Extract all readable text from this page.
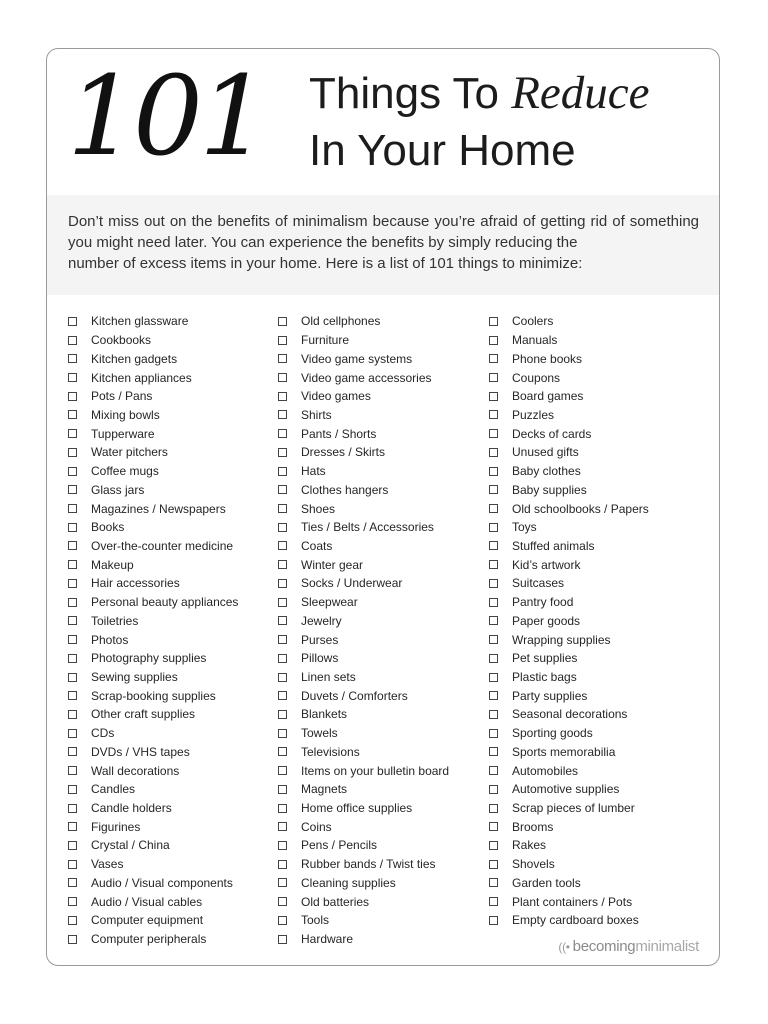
101 Things To Reduce
In Your Home

Don’t miss out on the benefits of minimalism because you’re afraid of getting rid of something you might need later. You can experience the benefits by simply reducing the
number of excess items in your home. Here is a list of 101 things to minimize:

Kitchen glassware
Cookbooks
Kitchen gadgets
Kitchen appliances
Pots / Pans
Mixing bowls
Tupperware
Water pitchers
Coffee mugs
Glass jars
Magazines / Newspapers
Books
Over-the-counter medicine
Makeup
Hair accessories
Personal beauty appliances
Toiletries
Photos
Photography supplies
Sewing supplies
Scrap-booking supplies
Other craft supplies
CDs
DVDs / VHS tapes
Wall decorations
Candles
Candle holders
Figurines
Crystal / China
Vases
Audio / Visual components
Audio / Visual cables
Computer equipment
Computer peripherals
Old cellphones
Furniture
Video game systems
Video game accessories
Video games
Shirts
Pants / Shorts
Dresses / Skirts
Hats
Clothes hangers
Shoes
Ties / Belts / Accessories
Coats
Winter gear
Socks / Underwear
Sleepwear
Jewelry
Purses
Pillows
Linen sets
Duvets / Comforters
Blankets
Towels
Televisions
Items on your bulletin board
Magnets
Home office supplies
Coins
Pens / Pencils
Rubber bands / Twist ties
Cleaning supplies
Old batteries
Tools
Hardware
Coolers
Manuals
Phone books
Coupons
Board games
Puzzles
Decks of cards
Unused gifts
Baby clothes
Baby supplies
Old schoolbooks / Papers
Toys
Stuffed animals
Kid’s artwork
Suitcases
Pantry food
Paper goods
Wrapping supplies
Pet supplies
Plastic bags
Party supplies
Seasonal decorations
Sporting goods
Sports memorabilia
Automobiles
Automotive supplies
Scrap pieces of lumber
Brooms
Rakes
Shovels
Garden tools
Plant containers / Pots
Empty cardboard boxes
((• becoming minimalist
